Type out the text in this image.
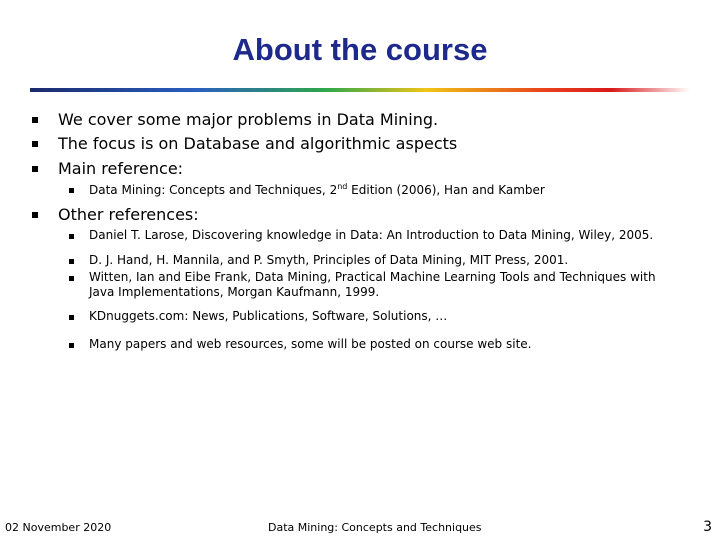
About the course
We cover some major problems in Data Mining.
The focus is on Database and algorithmic aspects
Main reference:
Data Mining: Concepts and Techniques, 2nd Edition (2006), Han and Kamber
Other references:
Daniel T. Larose, Discovering knowledge in Data: An Introduction to Data Mining, Wiley, 2005.
D. J. Hand, H. Mannila, and P. Smyth, Principles of Data Mining, MIT Press, 2001.
Witten, Ian and Eibe Frank, Data Mining, Practical Machine Learning Tools and Techniques with
Java Implementations, Morgan Kaufmann, 1999.
KDnuggets.com: News, Publications, Software, Solutions, …
Many papers and web resources, some will be posted on course web site.
02 November 2020	Data Mining: Concepts and Techniques	3
